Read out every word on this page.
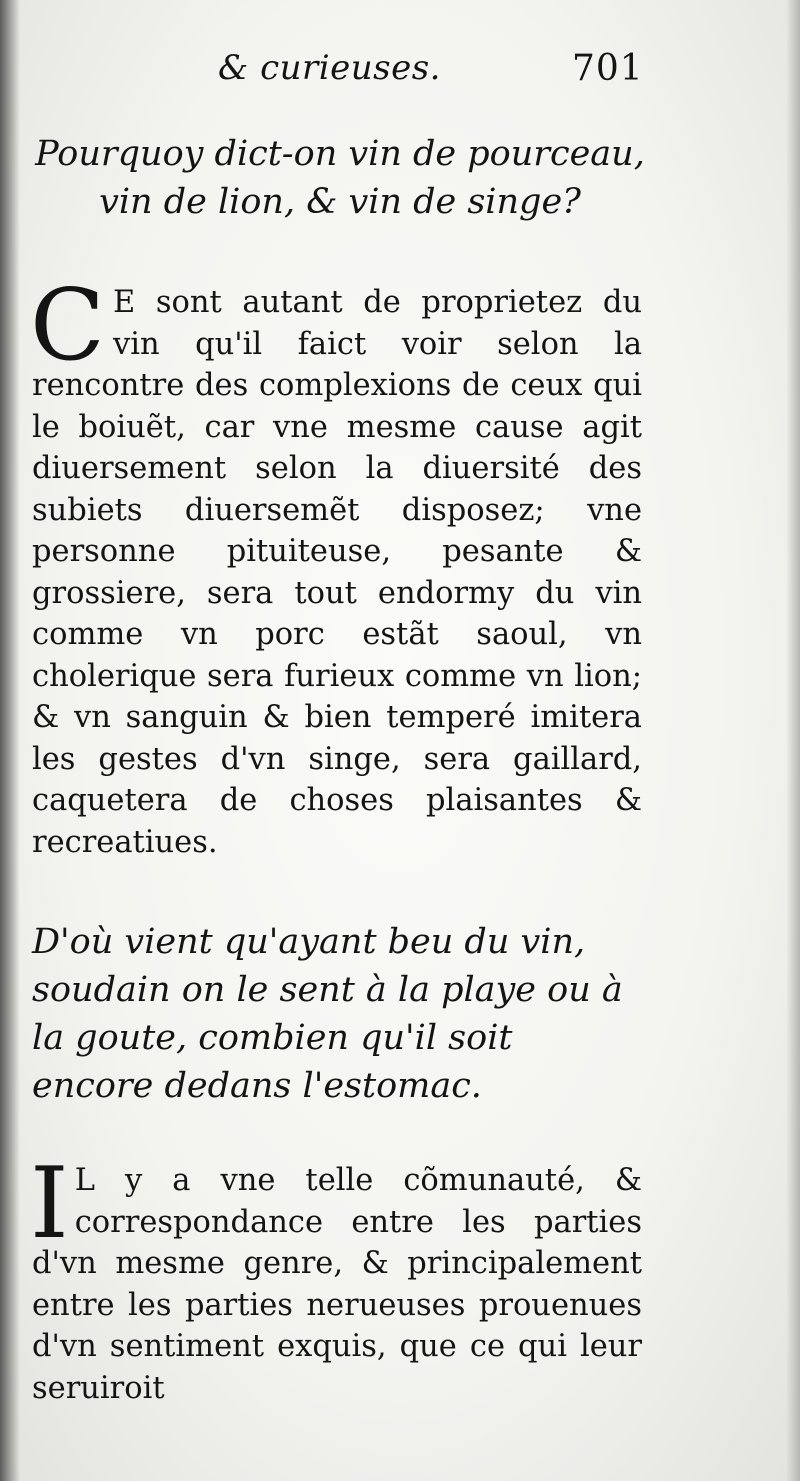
& curieuses.	701
Pourquoy dict-on vin de pourceau, vin de lion, & vin de singe?
C E sont autant de proprietez du vin qu'il faict voir selon la rencontre des complexions de ceux qui le boiuẽt, car vne mesme cause agit diuersement selon la diuersité des subiets diuersemẽt disposez; vne personne pituiteuse, pesante & grossiere, sera tout endormy du vin comme vn porc estãt saoul, vn cholerique sera furieux comme vn lion; & vn sanguin & bien temperé imitera les gestes d'vn singe, sera gaillard, caquetera de choses plaisantes & recreatiues.
D'où vient qu'ayant beu du vin, soudain on le sent à la playe ou à la goute, combien qu'il soit encore dedans l'estomac.
I L y a vne telle cõmunauté, & correspondance entre les parties d'vn mesme genre, & principalement entre les parties nerueuses prouenues d'vn sentiment exquis, que ce qui leur seruiroit
